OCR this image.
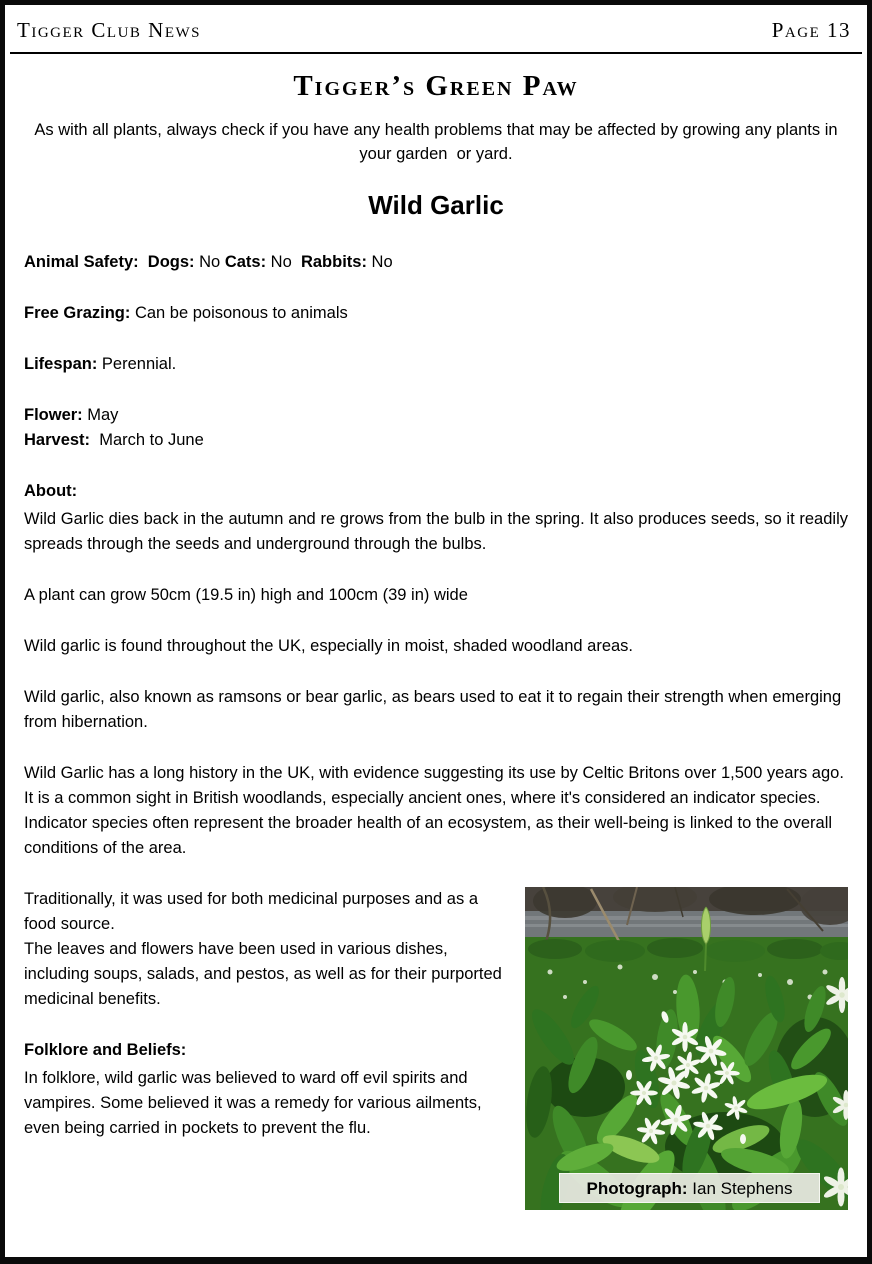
Tigger Club News	Page 13
Tigger’s Green Paw

As with all plants, always check if you have any health problems that may be affected by growing any plants in your garden  or yard.

Wild Garlic

Animal Safety: Dogs: No Cats: No  Rabbits: No

Free Grazing: Can be poisonous to animals

Lifespan: Perennial.

Flower: May

Harvest:  March to June

About:

Wild Garlic dies back in the autumn and re grows from the bulb in the spring. It also produces seeds, so it readily spreads through the seeds and underground through the bulbs.

A plant can grow 50cm (19.5 in) high and 100cm (39 in) wide

Wild garlic is found throughout the UK, especially in moist, shaded woodland areas.

Wild garlic, also known as ramsons or bear garlic, as bears used to eat it to regain their strength when emerging from hibernation.

Wild Garlic has a long history in the UK, with evidence suggesting its use by Celtic Britons over 1,500 years ago. It is a common sight in British woodlands, especially ancient ones, where it's considered an indicator species.

Indicator species often represent the broader health of an ecosystem, as their well-being is linked to the overall conditions of the area.

Traditionally, it was used for both medicinal purposes and as a food source.

The leaves and flowers have been used in various dishes, including soups, salads, and pestos, as well as for their purported medicinal benefits.

Folklore and Beliefs:

In folklore, wild garlic was believed to ward off evil spirits and vampires. Some believed it was a remedy for various ailments, even being carried in pockets to prevent the flu.

Photograph: Ian Stephens
